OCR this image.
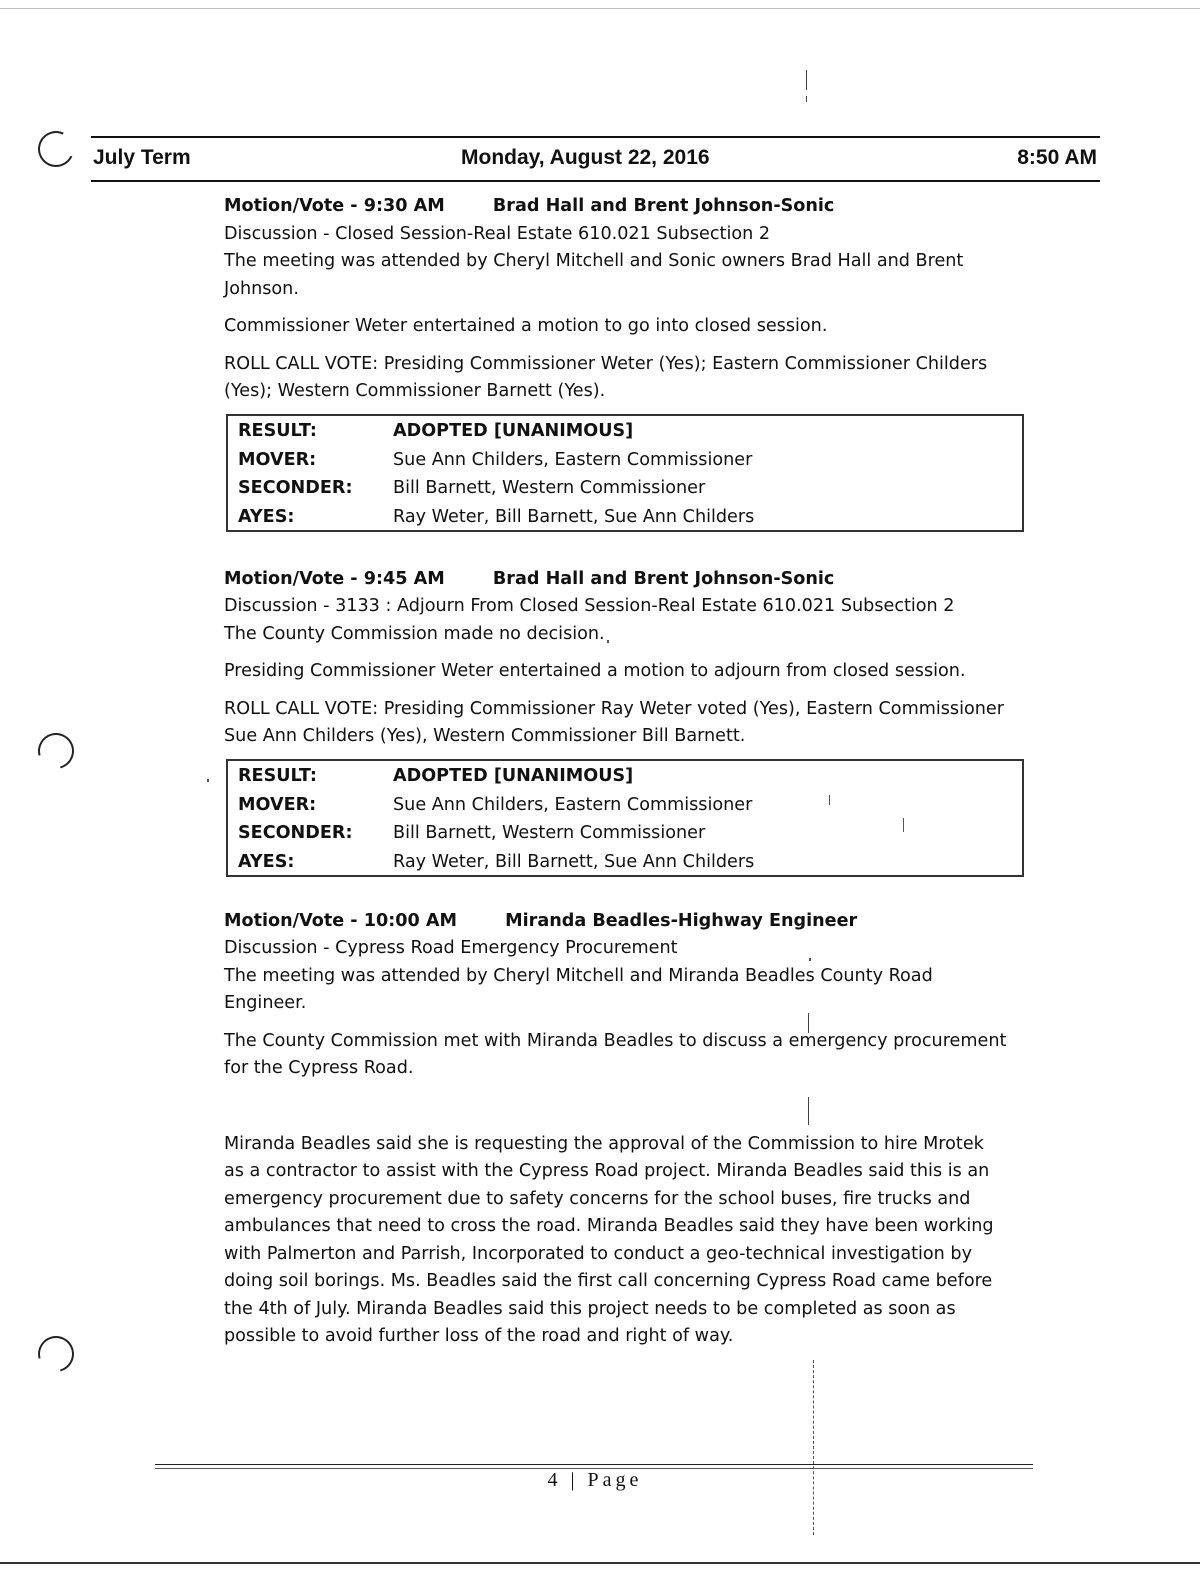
July Term	Monday, August 22, 2016	8:50 AM
Motion/Vote - 9:30 AM	Brad Hall and Brent Johnson-Sonic
Discussion - Closed Session-Real Estate 610.021 Subsection 2
The meeting was attended by Cheryl Mitchell and Sonic owners Brad Hall and Brent
Johnson.

Commissioner Weter entertained a motion to go into closed session.

ROLL CALL VOTE: Presiding Commissioner Weter (Yes); Eastern Commissioner Childers
(Yes); Western Commissioner Barnett (Yes).

RESULT:	ADOPTED [UNANIMOUS]
MOVER:	Sue Ann Childers, Eastern Commissioner
SECONDER:	Bill Barnett, Western Commissioner
AYES:	Ray Weter, Bill Barnett, Sue Ann Childers
Motion/Vote - 9:45 AM	Brad Hall and Brent Johnson-Sonic
Discussion - 3133 : Adjourn From Closed Session-Real Estate 610.021 Subsection 2
The County Commission made no decision.

Presiding Commissioner Weter entertained a motion to adjourn from closed session.

ROLL CALL VOTE: Presiding Commissioner Ray Weter voted (Yes), Eastern Commissioner
Sue Ann Childers (Yes), Western Commissioner Bill Barnett.

RESULT:	ADOPTED [UNANIMOUS]
MOVER:	Sue Ann Childers, Eastern Commissioner
SECONDER:	Bill Barnett, Western Commissioner
AYES:	Ray Weter, Bill Barnett, Sue Ann Childers
Motion/Vote - 10:00 AM	Miranda Beadles-Highway Engineer
Discussion - Cypress Road Emergency Procurement
The meeting was attended by Cheryl Mitchell and Miranda Beadles County Road
Engineer.

The County Commission met with Miranda Beadles to discuss a emergency procurement
for the Cypress Road.

Miranda Beadles said she is requesting the approval of the Commission to hire Mrotek
as a contractor to assist with the Cypress Road project. Miranda Beadles said this is an
emergency procurement due to safety concerns for the school buses, fire trucks and
ambulances that need to cross the road. Miranda Beadles said they have been working
with Palmerton and Parrish, Incorporated to conduct a geo-technical investigation by
doing soil borings. Ms. Beadles said the first call concerning Cypress Road came before
the 4th of July. Miranda Beadles said this project needs to be completed as soon as
possible to avoid further loss of the road and right of way.

4 | Page
